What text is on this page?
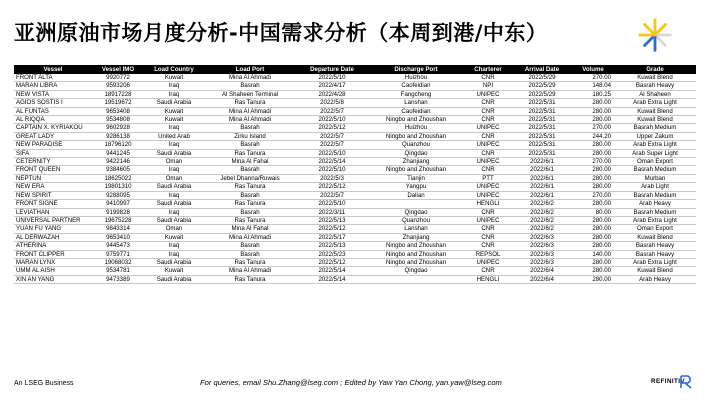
亚洲原油市场月度分析-中国需求分析（本周到港/中东）
Vessel	Vessel IMO	Load Country	Load Port	Departure Date	Discharge Port	Charterer	Arrival Date	Volume	Grade
FRONT ALTA	9920772	Kuwait	Mina Al Ahmadi	2022/5/10	Huizhou	CNR	2022/5/29	270.00	Kuwait Blend
MARAN LIBRA	9593206	Iraq	Basrah	2022/4/17	Caofeidian	NPI	2022/5/29	148.04	Basrah Heavy
NEW VISTA	18917228	Iraq	Al Shaheen Terminal	2022/4/28	Fangcheng	UNIPEC	2022/5/29	180.25	Al Shaheen
AGIOS SOSTIS I	19519672	Saudi Arabia	Ras Tanura	2022/5/8	Lanshan	CNR	2022/5/31	280.00	Arab Extra Light
AL FUNTAS	9653408	Kuwait	Mina Al Ahmadi	2022/5/7	Caofeidian	CNR	2022/5/31	280.00	Kuwait Blend
AL RIQQA	9534808	Kuwait	Mina Al Ahmadi	2022/5/10	Ningbo and Zhoushan	CNR	2022/5/31	280.00	Kuwait Blend
CAPTAIN X. KYRIAKOU	9602928	Iraq	Basrah	2022/5/12	Huizhou	UNIPEC	2022/5/31	270.00	Basrah Medium
GREAT LADY	9286138	United Arab	Zirku Island	2022/5/7	Ningbo and Zhoushan	CNR	2022/5/31	244.20	Upper Zakum
NEW PARADISE	18796120	Iraq	Basrah	2022/5/7	Quanzhou	UNIPEC	2022/5/31	280.00	Arab Extra Light
SIFA	9441245	Saudi Arabia	Ras Tanura	2022/5/10	Qingdao	CNR	2022/5/31	280.00	Arab Super Light
CETERNITY	9422146	Oman	Mina Al Fahal	2022/5/14	Zhanjiang	UNIPEC	2022/6/1	270.00	Oman Export
FRONT QUEEN	9384605	Iraq	Basrah	2022/5/10	Ningbo and Zhoushan	CNR	2022/6/1	280.00	Basrah Medium
NEPTUN	18625022	Oman	Jebel Dhanna/Ruwais	2022/5/3	Tianjin	PTT	2022/6/1	280.00	Murban
NEW ERA	19801310	Saudi Arabia	Ras Tanura	2022/5/12	Yangpu	UNIPEC	2022/6/1	280.00	Arab Light
NEW SPIRIT	9288095	Iraq	Basrah	2022/5/7	Dalian	UNIPEC	2022/6/1	270.00	Basrah Medium
FRONT SIGNE	9410997	Saudi Arabia	Ras Tanura	2022/5/10		HENGLI	2022/6/2	280.00	Arab Heavy
LEVIATHAN	9199828	Iraq	Basrah	2022/3/11	Qingdao	CNR	2022/6/2	80.00	Basrah Medium
UNIVERSAL PARTNER	19675228	Saudi Arabia	Ras Tanura	2022/5/13	Quanzhou	UNIPEC	2022/6/2	280.00	Arab Extra Light
YUAN FU YANG	9843314	Oman	Mina Al Fahal	2022/5/12	Lanshan	CNR	2022/6/2	280.00	Oman Export
AL DERWAZAH	9653410	Kuwait	Mina Al Ahmadi	2022/5/17	Zhanjiang	CNR	2022/6/3	280.00	Kuwait Blend
ATHERINA	9445473	Iraq	Basrah	2022/5/13	Ningbo and Zhoushan	CNR	2022/6/3	280.00	Basrah Heavy
FRONT CLIPPER	9759771	Iraq	Basrah	2022/5/23	Ningbo and Zhoushan	REPSOL	2022/6/3	140.00	Basrah Heavy
MARAN LYNX	19068032	Saudi Arabia	Ras Tanura	2022/5/12	Ningbo and Zhoushan	UNIPEC	2022/6/3	280.00	Arab Extra Light
UMM AL AISH	9534781	Kuwait	Mina Al Ahmadi	2022/5/14	Qingdao	CNR	2022/6/4	280.00	Kuwait Blend
XIN AN YANG	9473389	Saudi Arabia	Ras Tanura	2022/5/14		HENGLI	2022/6/4	280.00	Arab Heavy
An LSEG Business	For queries, email Shu.Zhang@lseg.com ; Edited by Yaw Yan Chong, yan.yaw@lseg.com	REFINITIV
